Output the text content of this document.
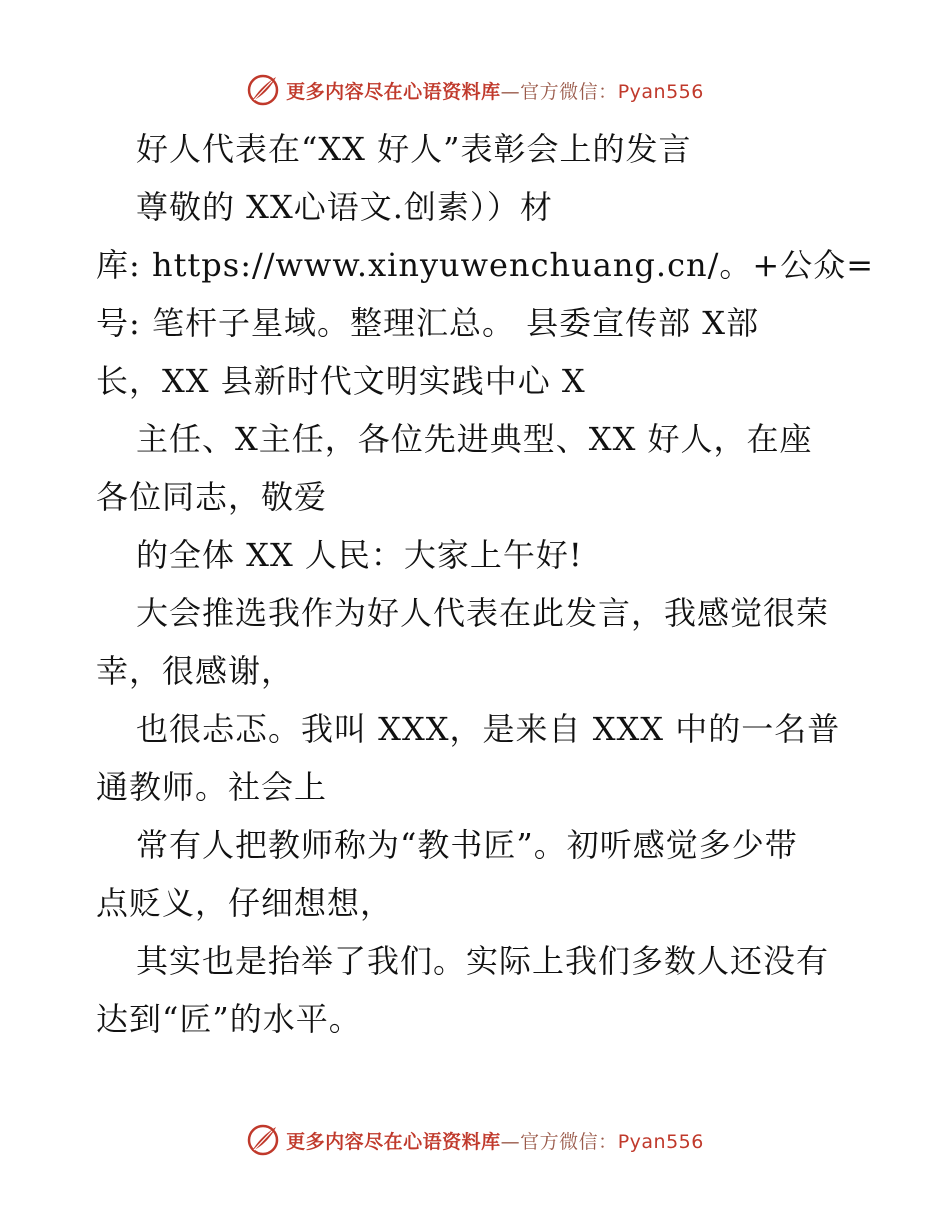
更多内容尽在心语资料库—官方微信：Pyan556
好人代表在“XX 好人”表彰会上的发言
尊敬的 XX心语文.创素））材
库: https://www.xinyuwenchuang.cn/。+公众=
号: 笔杆子星域。整理汇总。 县委宣传部 X部
长，XX 县新时代文明实践中心 X
主任、X主任，各位先进典型、XX 好人，在座
各位同志，敬爱
的全体 XX 人民：大家上午好!
大会推选我作为好人代表在此发言，我感觉很荣
幸，很感谢，
也很忐忑。我叫 XXX，是来自 XXX 中的一名普
通教师。社会上
常有人把教师称为“教书匠”。初听感觉多少带
点贬义，仔细想想，
其实也是抬举了我们。实际上我们多数人还没有
达到“匠”的水平。
更多内容尽在心语资料库—官方微信：Pyan556
